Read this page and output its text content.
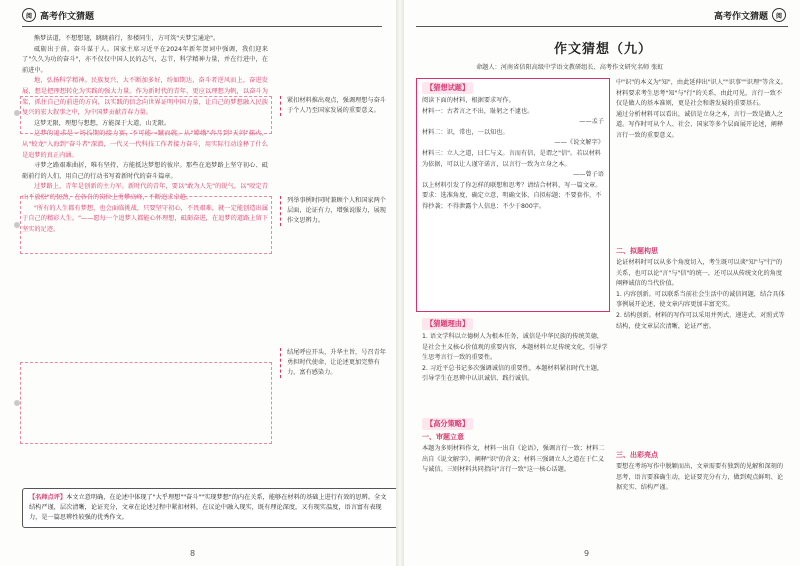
阅 高考作文猜题

熊梦法道，不想想翅，眺眺前行，参楼同生，方可筑"天梦宝通途"。

砥砺出于前，奋斗谋于人。国家主席习近平在2024年新年贺词中强调，我们迎来了"久久为功的奋斗"，亦不仅仅中国人民的志气，志节，科学精神力量，并在行进中，在前进中。

地，弘扬科学精神。民族复兴，大不断加多好，纷如期达，奋斗者逆风而上，奋进发展，想是把理想转化为实践的强大力量。作为新时代的青年，更应以理想为帆，以奋斗为桨，抓住自己的前进的方向，以实践的信念向世界证明中国力量，让自己的梦想融入民族复兴的宏大叙事之中，为中国梦贡献青春力量。

这梦无限，理想与想想，方能深于大道，山无限。

这梦的追求是一场长期的接力赛，不可能一蹴而就。从"嫦娥"奔月到"天问"探火，从"蛟龙"入海到"奋斗者"深潜，一代又一代科技工作者接力奋斗，用实际行动诠释了什么是追梦的真正内涵。

寻梦之路艰难曲折，唯有坚持，方能抵达梦想的彼岸。那些在追梦路上坚守初心、砥砺前行的人们，用自己的行动书写着新时代的奋斗篇章。

过梦路上，青年是创新的主力军。新时代的青年，要以"敢为人先"的锐气，以"咬定青山不放松"的韧劲，在各自的岗位上勇攀高峰，不断追求卓越。

"所有的人生都有梦想，也会面临挑战，只要坚守初心，不畏艰难，就一定能创造出属于自己的精彩人生。"——愿每一个追梦人都能心怀理想，砥砺奋进，在追梦的道路上留下坚实的足迹。

紧扣材料推出观点，强调理想与奋斗于个人乃至国家发展的重要意义。
列举事例时同时兼顾个人和国家两个层面，论证有力，增强说服力，展现作文思辨力。
结尾呼应开头，升华主旨，号召青年勇担时代使命，让论述更加完整有力，富有感染力。
【名师点评】本文立意明确，在论述中体现了"大乎理想""奋斗""实现梦想"的内在关系，能够在材料的基础上进行有效的思辨。全文结构严谨，层次清晰，论证充分，文章在论述过程中紧扣材料，在议论中融入现实，既有理论深度，又有现实温度，语言富有表现力，是一篇思辨性较强的优秀作文。
8
高考作文猜题	阅
作文猜想（九）
命题人：河南省信阳高级中学语文教研组长、高考作文研究名师 张虹
【猜想试题】

阅读下面的材料，根据要求写作。

材料一：古者言之不出，耻躬之不逮也。

——孟子

材料二：识，常也，一以知也。

——《说文解字》

材料三：立人之道，曰仁与义。言而有信，是谓之"信"。若以材料为依据，可以让人谨守诺言，以言行一致为立身之本。

——曾子语

以上材料引发了你怎样的联想和思考？请结合材料，写一篇文章。要求：选准角度，确定立意，明确文体，自拟标题；不要套作，不得抄袭；不得泄露个人信息；不少于800字。

【猜题理由】

1. 语文学科以立德树人为根本任务，诚信是中华民族的传统美德，是社会主义核心价值观的重要内容，本题材料立足传统文化，引导学生思考言行一致的重要性。

2. 习近平总书记多次强调诚信的重要性，本题材料紧扣时代主题，引导学生在思辨中认识诚信、践行诚信。

【高分策略】
一、审题立意

本题为多则材料作文，材料一出自《论语》，强调言行一致；材料二出自《说文解字》，阐释"识"的含义；材料三强调立人之道在于仁义与诚信。三则材料共同指向"言行一致"这一核心话题。

中"识"的本义为"知"，由此延伸出"识人""识事""识理"等含义。材料要求考生思考"知"与"行"的关系，由此可见，言行一致不仅是做人的基本准则，更是社会和谐发展的重要基石。

通过分析材料可以看出，诚信是立身之本，言行一致是做人之道。写作时可从个人、社会、国家等多个层面展开论述，阐释言行一致的重要意义。

二、拟题构思

论证材料时可以从多个角度切入，考生既可以谈"知"与"行"的关系，也可以论"言"与"信"的统一，还可以从传统文化的角度阐释诚信的当代价值。

1. 内容创新。可以联系当前社会生活中的诚信问题，结合具体事例展开论述，使文章内容更加丰富充实。

2. 结构创新。材料的写作可以采用并列式、递进式、对照式等结构，使文章层次清晰，论证严密。

三、出彩亮点

要想在考场写作中脱颖而出，文章需要有独到的见解和深刻的思考，语言要准确生动，论证要充分有力，做到观点鲜明、论据充实、结构严谨。

9
